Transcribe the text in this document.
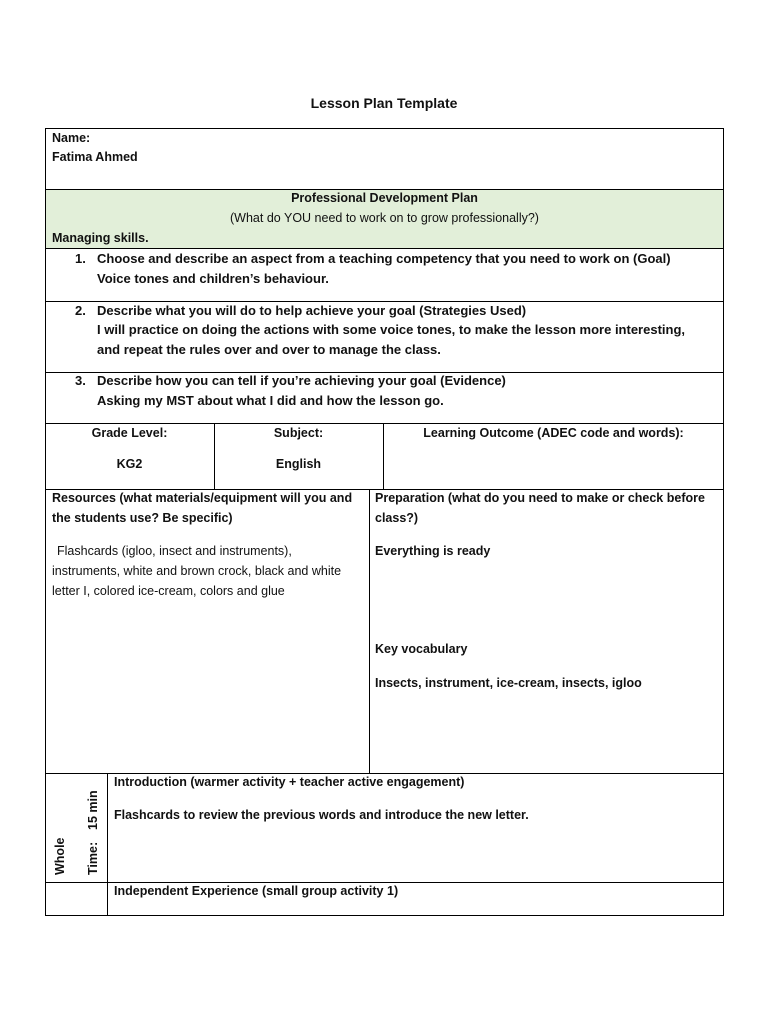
Lesson Plan Template
Name:
Fatima Ahmed
Professional Development Plan
(What do YOU need to work on to grow professionally?)
Managing skills.
1. Choose and describe an aspect from a teaching competency that you need to work on (Goal)
Voice tones and children’s behaviour.
2. Describe what you will do to help achieve your goal (Strategies Used)
I will practice on doing the actions with some voice tones, to make the lesson more interesting,
and repeat the rules over and over to manage the class.
3. Describe how you can tell if you’re achieving your goal (Evidence)
Asking my MST about what I did and how the lesson go.
Grade Level:
KG2
Subject:
English
Learning Outcome (ADEC code and words):
Resources (what materials/equipment will you and
the students use? Be specific)
Flashcards (igloo, insect and instruments),
instruments, white and brown crock, black and white
letter I, colored ice-cream, colors and glue
Preparation (what do you need to make or check before
class?)
Everything is ready
Key vocabulary
Insects, instrument, ice-cream, insects, igloo
Whole Time:
15 min
Introduction (warmer activity + teacher active engagement)
Flashcards to review the previous words and introduce the new letter.
Independent Experience (small group activity 1)
